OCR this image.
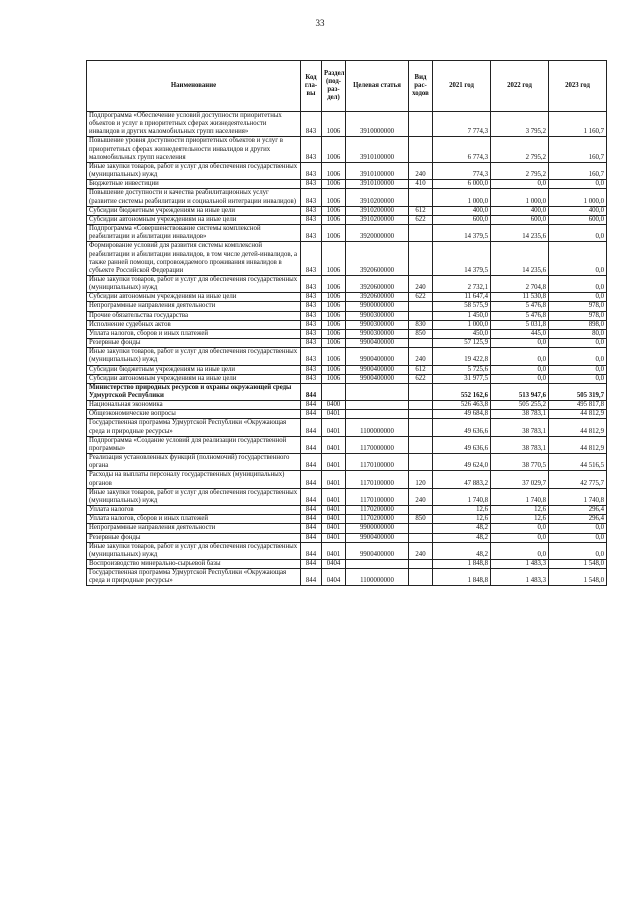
33
Наименование	Код гла-вы	Раздел (под-раз-дел)	Целевая статья	Вид рас-ходов	2021 год	2022 год	2023 год
Подпрограмма «Обеспечение условий доступности приоритетных объектов и услуг в приоритетных сферах жизнедеятельности инвалидов и других маломобильных групп населения»	843	1006	3910000000		7 774,3	3 795,2	1 160,7
Повышение уровня доступности приоритетных объектов и услуг в приоритетных сферах жизнедеятельности инвалидов и других маломобильных групп населения	843	1006	3910100000		6 774,3	2 795,2	160,7
Иные закупки товаров, работ и услуг для обеспечения государственных (муниципальных) нужд	843	1006	3910100000	240	774,3	2 795,2	160,7
Бюджетные инвестиции	843	1006	3910100000	410	6 000,0	0,0	0,0
Повышение доступности и качества реабилитационных услуг (развитие системы реабилитации и социальной интеграции инвалидов)	843	1006	3910200000		1 000,0	1 000,0	1 000,0
Субсидии бюджетным учреждениям на иные цели	843	1006	3910200000	612	400,0	400,0	400,0
Субсидии автономным учреждениям на иные цели	843	1006	3910200000	622	600,0	600,0	600,0
Подпрограмма «Совершенствование системы комплексной реабилитации и абилитации инвалидов»	843	1006	3920000000		14 379,5	14 235,6	0,0
Формирование условий для развития системы комплексной реабилитации и абилитации инвалидов, в том числе детей-инвалидов, а также ранней помощи, сопровождаемого проживания инвалидов в субъекте Российской Федерации	843	1006	3920600000		14 379,5	14 235,6	0,0
Иные закупки товаров, работ и услуг для обеспечения государственных (муниципальных) нужд	843	1006	3920600000	240	2 732,1	2 704,8	0,0
Субсидии автономным учреждениям на иные цели	843	1006	3920600000	622	11 647,4	11 530,8	0,0
Непрограммные направления деятельности	843	1006	9900000000		58 575,9	5 476,8	978,0
Прочие обязательства государства	843	1006	9900300000		1 450,0	5 476,8	978,0
Исполнение судебных актов	843	1006	9900300000	830	1 000,0	5 031,8	898,0
Уплата налогов, сборов и иных платежей	843	1006	9900300000	850	450,0	445,0	80,0
Резервные фонды	843	1006	9900400000		57 125,9	0,0	0,0
Иные закупки товаров, работ и услуг для обеспечения государственных (муниципальных) нужд	843	1006	9900400000	240	19 422,8	0,0	0,0
Субсидии бюджетным учреждениям на иные цели	843	1006	9900400000	612	5 725,6	0,0	0,0
Субсидии автономным учреждениям на иные цели	843	1006	9900400000	622	31 977,5	0,0	0,0
Министерство природных ресурсов и охраны окружающей среды Удмуртской Республики	844				552 162,6	513 947,6	505 319,7
Национальная экономика	844	0400			526 463,8	505 255,2	495 817,8
Общеэкономические вопросы	844	0401			49 684,8	38 783,1	44 812,9
Государственная программа Удмуртской Республики «Окружающая среда и природные ресурсы»	844	0401	1100000000		49 636,6	38 783,1	44 812,9
Подпрограмма «Создание условий для реализации государственной программы»	844	0401	1170000000		49 636,6	38 783,1	44 812,9
Реализация установленных функций (полномочий) государственного органа	844	0401	1170100000		49 624,0	38 770,5	44 516,5
Расходы на выплаты персоналу государственных (муниципальных) органов	844	0401	1170100000	120	47 883,2	37 029,7	42 775,7
Иные закупки товаров, работ и услуг для обеспечения государственных (муниципальных) нужд	844	0401	1170100000	240	1 740,8	1 740,8	1 740,8
Уплата налогов	844	0401	1170200000		12,6	12,6	296,4
Уплата налогов, сборов и иных платежей	844	0401	1170200000	850	12,6	12,6	296,4
Непрограммные направления деятельности	844	0401	9900000000		48,2	0,0	0,0
Резервные фонды	844	0401	9900400000		48,2	0,0	0,0
Иные закупки товаров, работ и услуг для обеспечения государственных (муниципальных) нужд	844	0401	9900400000	240	48,2	0,0	0,0
Воспроизводство минерально-сырьевой базы	844	0404			1 848,8	1 483,3	1 548,0
Государственная программа Удмуртской Республики «Окружающая среда и природные ресурсы»	844	0404	1100000000		1 848,8	1 483,3	1 548,0
